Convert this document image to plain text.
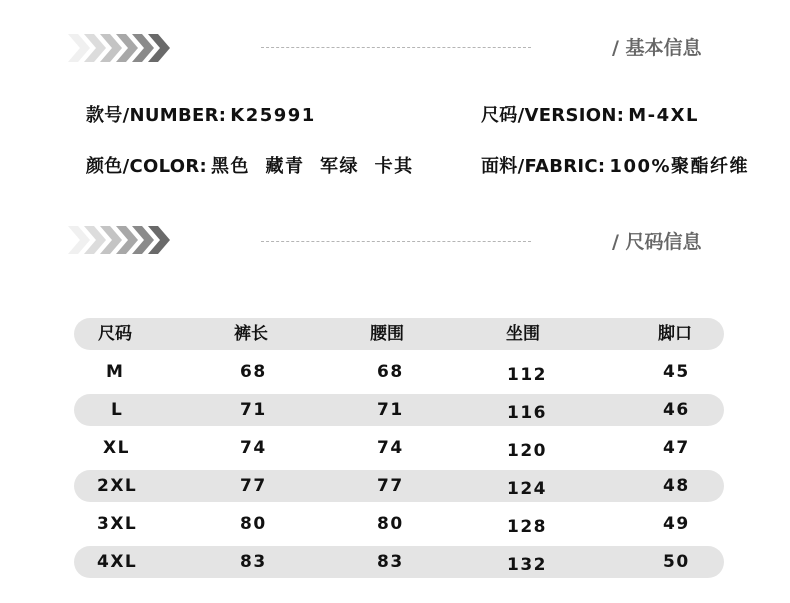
/ 基本信息
款号/NUMBER: K25991	尺码/VERSION: M-4XL
颜色/COLOR: 黑色  藏青  军绿  卡其	面料/FABRIC: 100%聚酯纤维
/ 尺码信息
尺码	裤长	腰围	坐围	脚口
M	68	68	112	45
L	71	71	116	46
XL	74	74	120	47
2XL	77	77	124	48
3XL	80	80	128	49
4XL	83	83	132	50
